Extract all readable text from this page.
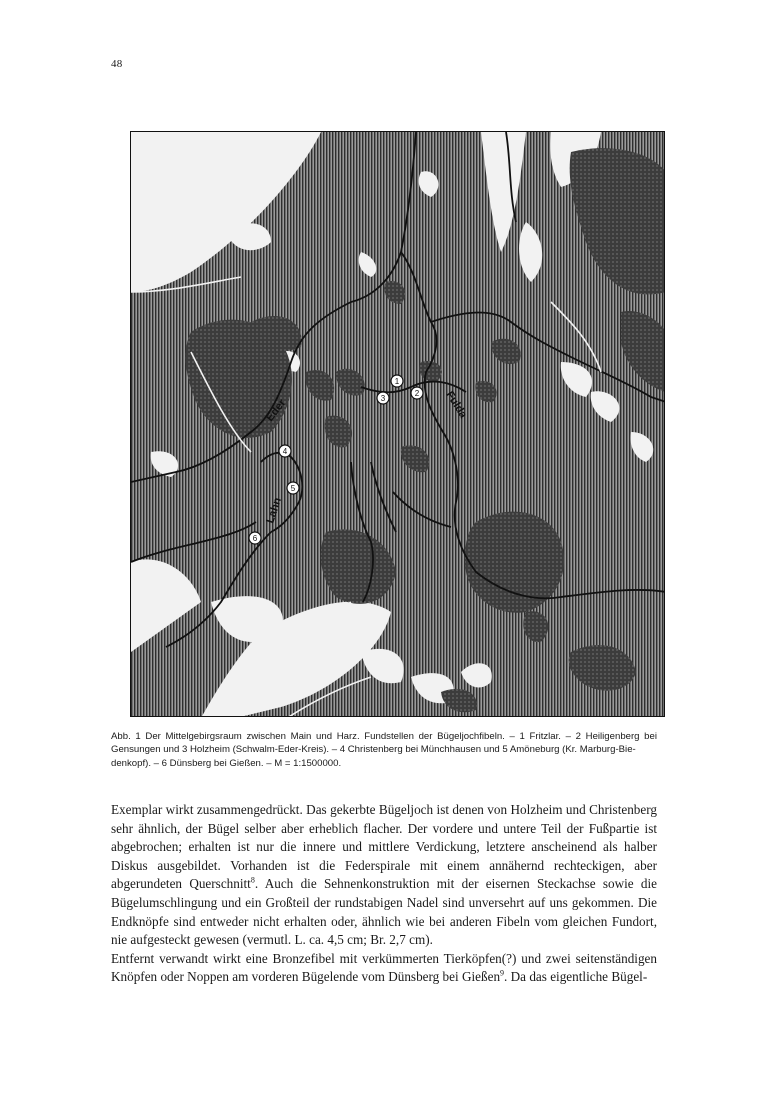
48
Eder	Fulda
Lahn
1
2
3
4
5
6
Abb. 1 Der Mittelgebirgsraum zwischen Main und Harz. Fundstellen der Bügeljochfibeln. – 1 Fritzlar. – 2 Heiligenberg bei Gensungen und 3 Holzheim (Schwalm-Eder-Kreis). – 4 Christenberg bei Münchhausen und 5 Amöneburg (Kr. Marburg-Bie-
denkopf). – 6 Dünsberg bei Gießen. – M = 1:1500000.

Exemplar wirkt zusammengedrückt. Das gekerbte Bügeljoch ist denen von Holzheim und Christenberg sehr ähnlich, der Bügel selber aber erheblich flacher. Der vordere und untere Teil der Fußpartie ist abgebrochen; erhalten ist nur die innere und mittlere Verdickung, letztere anscheinend als halber Diskus ausgebildet. Vorhanden ist die Federspirale mit einem annähernd rechteckigen, aber abgerundeten Querschnitt$^8$. Auch die Sehnenkonstruktion mit der eisernen Steckachse sowie die Bügelumschlingung und ein Großteil der rundstabigen Nadel sind unversehrt auf uns gekommen. Die Endknöpfe sind entweder nicht erhalten oder, ähnlich wie bei anderen Fibeln vom gleichen Fundort, nie aufgesteckt gewesen (vermutl. L. ca. 4,5 cm; Br. 2,7 cm).

Entfernt verwandt wirkt eine Bronzefibel mit verkümmerten Tierköpfen(?) und zwei seitenständigen Knöpfen oder Noppen am vorderen Bügelende vom Dünsberg bei Gießen$^9$. Da das eigentliche Bügel-
